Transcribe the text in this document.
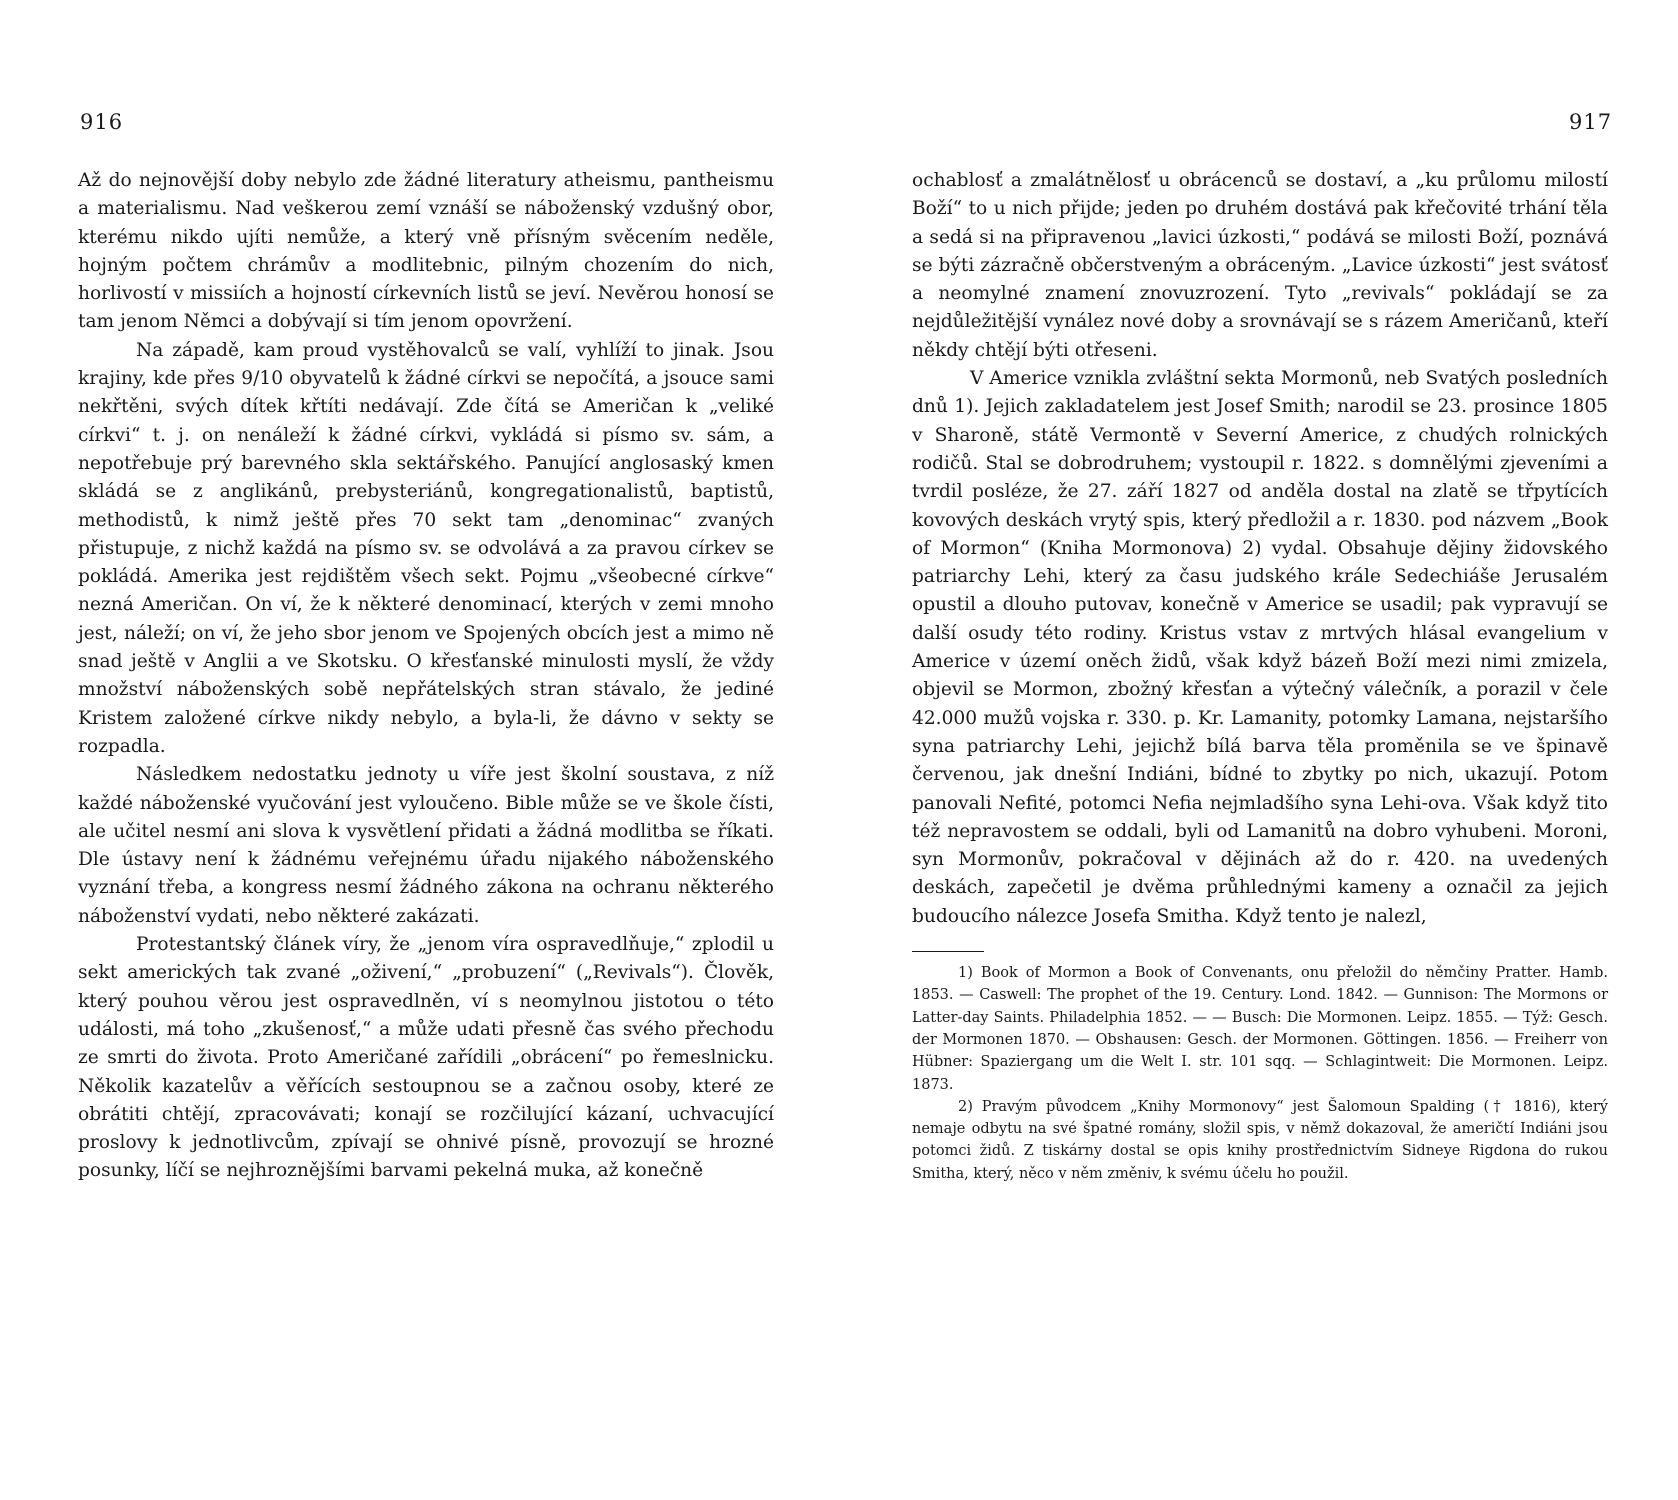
916	917

Až do nejnovější doby nebylo zde žádné literatury atheismu, pantheismu a materialismu. Nad veškerou zemí vznáší se náboženský vzdušný obor, kterému nikdo ujíti nemůže, a který vně přísným svěcením neděle, hojným počtem chrámův a modlitebnic, pilným chozením do nich, horlivostí v missiích a hojností církevních listů se jeví. Nevěrou honosí se tam jenom Němci a dobývají si tím jenom opovržení.

Na západě, kam proud vystěhovalců se valí, vyhlíží to jinak. Jsou krajiny, kde přes 9/10 obyvatelů k žádné církvi se nepočítá, a jsouce sami nekřtěni, svých dítek křtíti nedávají. Zde čítá se Američan k „veliké církvi“ t. j. on nenáleží k žádné církvi, vykládá si písmo sv. sám, a nepotřebuje prý barevného skla sektářského. Panující anglosaský kmen skládá se z anglikánů, prebysteriánů, kongregationalistů, baptistů, methodistů, k nimž ještě přes 70 sekt tam „denominac“ zvaných přistupuje, z nichž každá na písmo sv. se odvolává a za pravou církev se pokládá. Amerika jest rejdištěm všech sekt. Pojmu „všeobecné církve“ nezná Američan. On ví, že k některé denominací, kterých v zemi mnoho jest, náleží; on ví, že jeho sbor jenom ve Spojených obcích jest a mimo ně snad ještě v Anglii a ve Skotsku. O křesťanské minulosti myslí, že vždy množství náboženských sobě nepřátelských stran stávalo, že jediné Kristem založené církve nikdy nebylo, a byla-li, že dávno v sekty se rozpadla.

Následkem nedostatku jednoty u víře jest školní soustava, z níž každé náboženské vyučování jest vyloučeno. Bible může se ve škole čísti, ale učitel nesmí ani slova k vysvětlení přidati a žádná modlitba se říkati. Dle ústavy není k žádnému veřejnému úřadu nijakého náboženského vyznání třeba, a kongress nesmí žádného zákona na ochranu některého náboženství vydati, nebo některé zakázati.

Protestantský článek víry, že „jenom víra ospravedlňuje,“ zplodil u sekt amerických tak zvané „oživení,“ „probuzení“ („Revivals“). Člověk, který pouhou věrou jest ospravedlněn, ví s neomylnou jistotou o této události, má toho „zkušenosť,“ a může udati přesně čas svého přechodu ze smrti do života. Proto Američané zařídili „obrácení“ po řemeslnicku. Několik kazatelův a věřících sestoupnou se a začnou osoby, které ze obrátiti chtějí, zpracovávati; konají se rozčilující kázaní, uchvacující proslovy k jednotlivcům, zpívají se ohnivé písně, provozují se hrozné posunky, líčí se nejhroznějšími barvami pekelná muka, až konečně

ochablosť a zmalátnělosť u obrácenců se dostaví, a „ku průlomu milostí Boží“ to u nich přijde; jeden po druhém dostává pak křečovité trhání těla a sedá si na připravenou „lavici úzkosti,“ podává se milosti Boží, poznává se býti zázračně občerstveným a obráceným. „Lavice úzkosti“ jest svátosť a neomylné znamení znovuzrození. Tyto „revivals“ pokládají se za nejdůležitější vynález nové doby a srovnávají se s rázem Američanů, kteří někdy chtějí býti otřeseni.

V Americe vznikla zvláštní sekta Mormonů, neb Svatých posledních dnů 1). Jejich zakladatelem jest Josef Smith; narodil se 23. prosince 1805 v Sharoně, státě Vermontě v Severní Americe, z chudých rolnických rodičů. Stal se dobrodruhem; vystoupil r. 1822. s domnělými zjeveními a tvrdil posléze, že 27. září 1827 od anděla dostal na zlatě se třpytících kovových deskách vrytý spis, který předložil a r. 1830. pod názvem „Book of Mormon“ (Kniha Mormonova) 2) vydal. Obsahuje dějiny židovského patriarchy Lehi, který za času judského krále Sedechiáše Jerusalém opustil a dlouho putovav, konečně v Americe se usadil; pak vypravují se další osudy této rodiny. Kristus vstav z mrtvých hlásal evangelium v Americe v území oněch židů, však když bázeň Boží mezi nimi zmizela, objevil se Mormon, zbožný křesťan a výtečný válečník, a porazil v čele 42.000 mužů vojska r. 330. p. Kr. Lamanity, potomky Lamana, nejstaršího syna patriarchy Lehi, jejichž bílá barva těla proměnila se ve špinavě červenou, jak dnešní Indiáni, bídné to zbytky po nich, ukazují. Potom panovali Nefité, potomci Nefia nejmladšího syna Lehi-ova. Však když tito též nepravostem se oddali, byli od Lamanitů na dobro vyhubeni. Moroni, syn Mormonův, pokračoval v dějinách až do r. 420. na uvedených deskách, zapečetil je dvěma průhlednými kameny a označil za jejich budoucího nálezce Josefa Smitha. Když tento je nalezl,

1) Book of Mormon a Book of Convenants, onu přeložil do němčiny Pratter. Hamb. 1853. — Caswell: The prophet of the 19. Century. Lond. 1842. — Gunnison: The Mormons or Latter-day Saints. Philadelphia 1852. — — Busch: Die Mormonen. Leipz. 1855. — Týž: Gesch. der Mormonen 1870. — Obshausen: Gesch. der Mormonen. Göttingen. 1856. — Freiherr von Hübner: Spaziergang um die Welt I. str. 101 sqq. — Schlagintweit: Die Mormonen. Leipz. 1873.

2) Pravým původcem „Knihy Mormonovy“ jest Šalomoun Spalding († 1816), který nemaje odbytu na své špatné romány, složil spis, v němž dokazoval, že američtí Indiáni jsou potomci židů. Z tiskárny dostal se opis knihy prostřednictvím Sidneye Rigdona do rukou Smitha, který, něco v něm změniv, k svému účelu ho použil.
